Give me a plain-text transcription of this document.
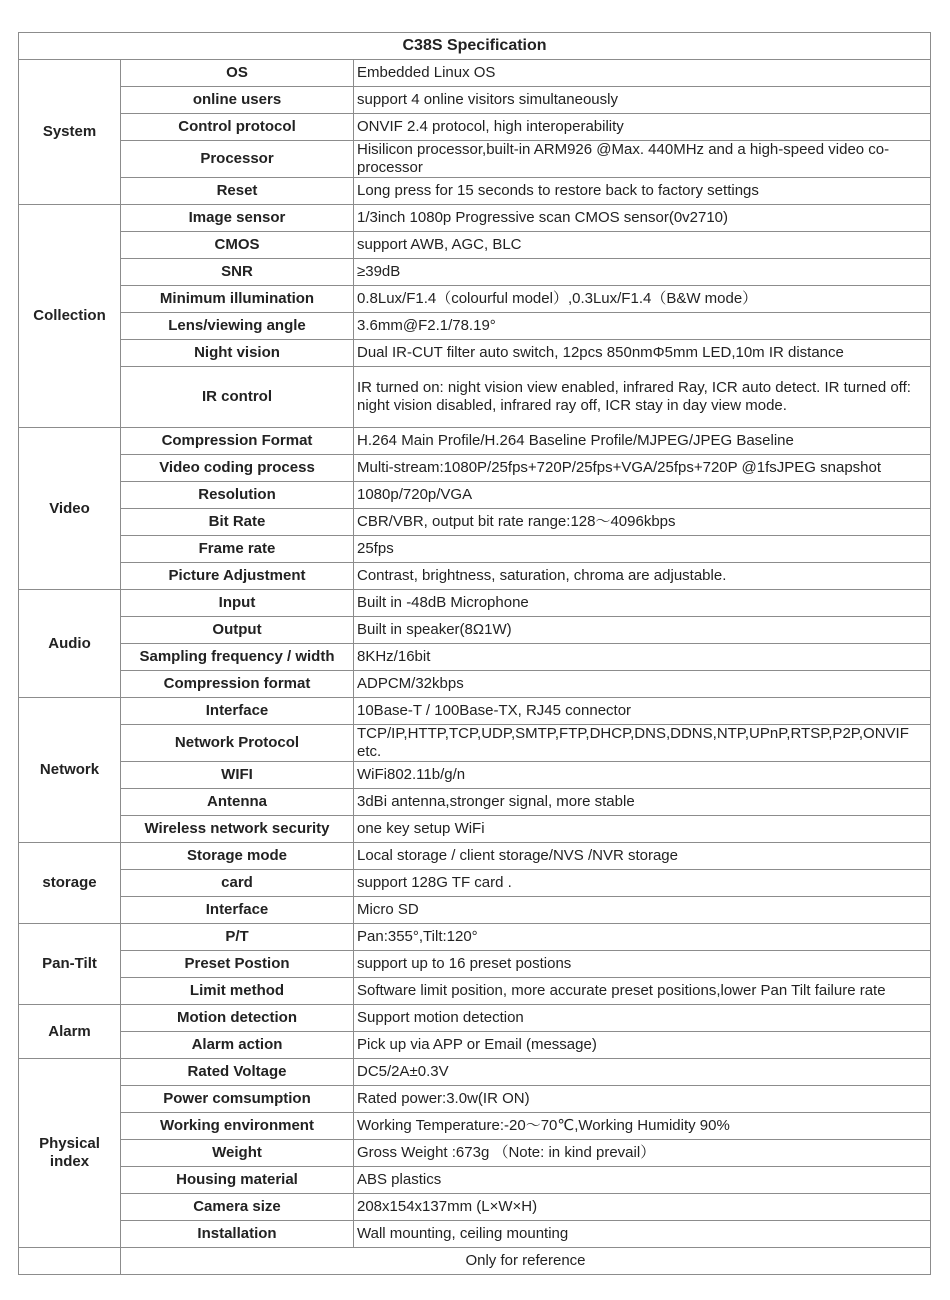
C38S Specification		
System	OS	Embedded Linux OS
	online users	support 4 online visitors simultaneously
	Control protocol	ONVIF 2.4 protocol, high interoperability
	Processor	Hisilicon processor,built-in ARM926 @Max. 440MHz and a high-speed video co-processor
	Reset	Long press for 15 seconds to restore back to factory settings
Collection	Image sensor	1/3inch 1080p Progressive scan CMOS sensor(0v2710)
	CMOS	support AWB, AGC, BLC
	SNR	≥39dB
	Minimum illumination	0.8Lux/F1.4（colourful model）,0.3Lux/F1.4（B&W mode）
	Lens/viewing angle	3.6mm@F2.1/78.19°
	Night vision	Dual IR-CUT filter auto switch, 12pcs 850nmΦ5mm LED,10m IR distance
	IR control	IR turned on: night vision view enabled, infrared Ray, ICR auto detect. IR turned off: night vision disabled, infrared ray off, ICR stay in day view mode.
Video	Compression Format	H.264 Main Profile/H.264 Baseline Profile/MJPEG/JPEG Baseline
	Video coding process	Multi-stream:1080P/25fps+720P/25fps+VGA/25fps+720P @1fsJPEG snapshot
	Resolution	1080p/720p/VGA
	Bit Rate	CBR/VBR, output bit rate range:128～4096kbps
	Frame rate	25fps
	Picture Adjustment	Contrast, brightness, saturation, chroma are adjustable.
Audio	Input	Built in -48dB Microphone
	Output	Built in speaker(8Ω1W)
	Sampling frequency / width	8KHz/16bit
	Compression format	ADPCM/32kbps
Network	Interface	10Base-T / 100Base-TX, RJ45 connector
	Network Protocol	TCP/IP,HTTP,TCP,UDP,SMTP,FTP,DHCP,DNS,DDNS,NTP,UPnP,RTSP,P2P,ONVIF etc.
	WIFI	WiFi802.11b/g/n
	Antenna	3dBi antenna,stronger signal, more stable
	Wireless network security	one key setup WiFi
storage	Storage mode	Local storage / client storage/NVS /NVR storage
	card	support 128G TF card .
	Interface	Micro SD
Pan-Tilt	P/T	Pan:355°,Tilt:120°
	Preset Postion	support up to 16 preset postions
	Limit method	Software limit position, more accurate preset positions,lower Pan Tilt failure rate
Alarm	Motion detection	Support motion detection
	Alarm action	Pick up via APP or Email (message)
Physical index	Rated Voltage	DC5/2A±0.3V
	Power comsumption	Rated power:3.0w(IR ON)
	Working environment	Working Temperature:-20～70℃,Working Humidity 90%
	Weight	Gross Weight :673g （Note: in kind prevail）
	Housing material	ABS plastics
	Camera size	208x154x137mm (L×W×H)
	Installation	Wall mounting, ceiling mounting
	Only for reference	
